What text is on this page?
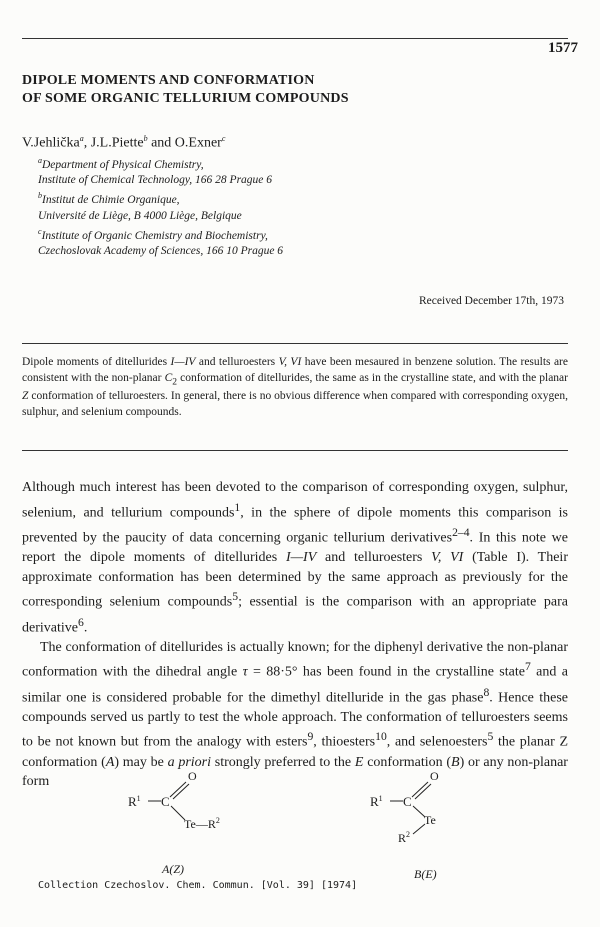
1577
DIPOLE MOMENTS AND CONFORMATION
OF SOME ORGANIC TELLURIUM COMPOUNDS
V.Jehlička$^a$, J.L.Piette$^b$ and O.Exner$^c$
$^a$Department of Physical Chemistry,
Institute of Chemical Technology, 166 28 Prague 6
$^b$Institut de Chimie Organique,
Université de Liège, B 4000 Liège, Belgique
$^c$Institute of Organic Chemistry and Biochemistry,
Czechoslovak Academy of Sciences, 166 10 Prague 6
Received December 17th, 1973
Dipole moments of ditellurides I—IV and telluroesters V, VI have been mesaured in benzene solution. The results are consistent with the non-planar $C_2$ conformation of ditellurides, the same as in the crystalline state, and with the planar Z conformation of telluroesters. In general, there is no obvious difference when compared with corresponding oxygen, sulphur, and selenium compounds.

Although much interest has been devoted to the comparison of corresponding oxygen, sulphur, selenium, and tellurium compounds$^1$, in the sphere of dipole moments this comparison is prevented by the paucity of data concerning organic tellurium derivatives$^{2-4}$. In this note we report the dipole moments of ditellurides I—IV and telluroesters V, VI (Table I). Their approximate conformation has been determined by the same approach as previously for the corresponding selenium compounds$^5$; essential is the comparison with an appropriate para derivative$^6$.

The conformation of ditellurides is actually known; for the diphenyl derivative the non-planar conformation with the dihedral angle τ = 88·5° has been found in the crystalline state$^7$ and a similar one is considered probable for the dimethyl ditelluride in the gas phase$^8$. Hence these compounds served us partly to test the whole approach. The conformation of telluroesters seems to be not known but from the analogy with esters$^9$, thioesters$^{10}$, and selenoesters$^5$ the planar Z conformation (A) may be a priori strongly preferred to the E conformation (B) or any non-planar form

$R^1$ C
O
$Te—R^2$
A(Z)
$R^1$ C
O
Te
$R^2$
B(E)
Collection Czechoslov. Chem. Commun. [Vol. 39] [1974]
